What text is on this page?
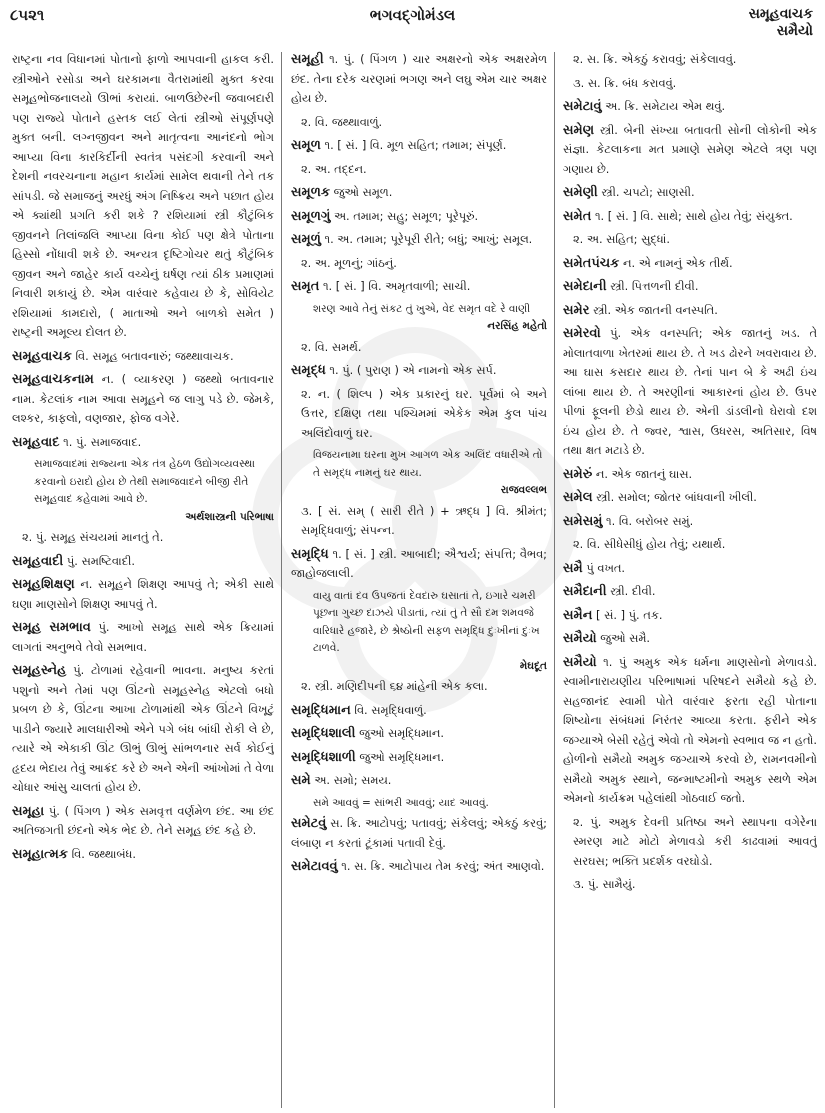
૮૫૨૧	ભગવદ્ગોમંડલ	સમૂહવાચક
સમૈયો
રાષ્ટ્રના નવ વિધાનમાં પોતાનો ફાળો આપવાની હાકલ કરી. સ્ત્રીઓને રસોડા અને ઘરકામના વૈતરામાંથી મુક્ત કરવા સમૂહભોજનાલયો ઊભાં કરાયાં. બાળઉછેરની જવાબદારી પણ રાજ્યે પોતાને હસ્તક લઈ લેતાં સ્ત્રીઓ સંપૂર્ણપણે મુક્ત બની. લગ્નજીવન અને માતૃત્વના આનંદનો ભોગ આપ્યા વિના કારકિર્દીની સ્વતંત્ર પસંદગી કરવાની અને દેશની નવરચનાના મહાન કાર્યમાં સામેલ થવાની તેને તક સાંપડી. જે સમાજનું અરધું અંગ નિષ્ક્રિય અને પછાત હોય એ ક્યાંથી પ્રગતિ કરી શકે ? રશિયામાં સ્ત્રી કૌટુંબિક જીવનને તિલાંજલિ આપ્યા વિના કોઈ પણ ક્ષેત્રે પોતાના હિસ્સો નોંધાવી શકે છે. અન્યત્ર દૃષ્ટિગોચર થતું કૌટુંબિક જીવન અને જાહેર કાર્ય વચ્ચેનું ઘર્ષણ ત્યાં ઠીક પ્રમાણમાં નિવારી શકાયું છે. એમ વારંવાર કહેવાય છે કે, સોવિયેટ રશિયામાં કામદારો, ( માતાઓ અને બાળકો સમેત ) રાષ્ટ્રની અમૂલ્ય દોલત છે.
સમૂહવાચક વિ. સમૂહ બતાવનારું; જથ્થાવાચક.
સમૂહવાચકનામ ન. ( વ્યાકરણ ) જથ્થો બતાવનાર નામ. કેટલાંક નામ આવા સમૂહને જ લાગુ પડે છે. જેમકે, લશ્કર, કાફલો, વણજાર, ફોજ વગેરે.
સમૂહવાદ ૧. પું. સમાજવાદ.
સમાજવાદમાં રાજ્યના એક તંત્ર હેઠળ ઉદ્યોગવ્યવસ્થા કરવાનો ઇરાદો હોય છે તેથી સમાજવાદને બીજી રીતે સમૂહવાદ કહેવામાં આવે છે.
અર્થશાસ્ત્રની પરિભાષા
૨. પું. સમૂહ સંચયમાં માનતું તે.
સમૂહવાદી પું. સમષ્ટિવાદી.
સમૂહશિક્ષણ ન. સમૂહને શિક્ષણ આપવું તે; એકી સાથે ઘણા માણસોને શિક્ષણ આપવું તે.
સમૂહ સમભાવ પું. આખો સમૂહ સાથે એક ક્રિયામાં લાગતાં અનુભવે તેવો સમભાવ.
સમૂહસ્નેહ પું. ટોળામાં રહેવાની ભાવના. મનુષ્ય કરતાં પશુનો અને તેમાં પણ ઊંટનો સમૂહસ્નેહ એટલો બધો પ્રબળ છે કે, ઊંટના આખા ટોળામાંથી એક ઊંટને વિખૂટું પાડીને જ્યારે માલધારીઓ એને પગે બંધ બાંધી રોકી લે છે, ત્યારે એ એકાકી ઊંટ ઊભું ઊભું સાંભળનાર સર્વ કોઈનું હૃદય ભેદાય તેવું આક્રંદ કરે છે અને એની આંખોમાં તે વેળા ચોધાર આંસુ ચાલતાં હોય છે.
સમૂહા પું. ( પિંગળ ) એક સમવૃત્ત વર્ણમેળ છંદ. આ છંદ અતિજગતી છંદનો એક ભેદ છે. તેને સમૂહ છંદ કહે છે.
સમૂહાત્મક વિ. જથ્થાબંધ.
સમૂહી ૧. પું. ( પિંગળ ) ચાર અક્ષરનો એક અક્ષરમેળ છંદ. તેના દરેક ચરણમાં ભગણ અને લઘુ એમ ચાર અક્ષર હોય છે.
૨. વિ. જથ્થાવાળું.
સમૂળ ૧. [ સં. ] વિ. મૂળ સહિત; તમામ; સંપૂર્ણ.
૨. અ. તદ્દન.
સમૂળક જુઓ સમૂળ.
સમૂળગું અ. તમામ; સહુ; સમૂળ; પૂરેપૂરું.
સમૂળું ૧. અ. તમામ; પૂરેપૂરી રીતે; બધું; આખું; સમૂલ.
૨. અ. મૂળનું; ગાંઠનું.
સમૃત ૧. [ સં. ] વિ. અમૃતવાળી; સાચી.
શરણ આવે તેનું સંકટ તું ખુએ, વેદ સમૃત વદે રે વાણી
નરસિંહ મહેતો
૨. વિ. સમર્થ.
સમૃદ્ધ ૧. પું. ( પુરાણ ) એ નામનો એક સર્પ.
૨. ન. ( શિલ્પ ) એક પ્રકારનું ઘર. પૂર્વમાં બે અને ઉત્તર, દક્ષિણ તથા પશ્ચિમમાં એકેક એમ કુલ પાંચ અલિંદોવાળું ઘર.
વિજયનામા ઘરના મુખ આગળ એક અલિંદ વધારીએ તો તે સમૃદ્ધ નામનું ઘર થાય.
રાજવલ્લભ
૩. [ સં. સમ્ ( સારી રીતે ) + ઋદ્ધ ] વિ. શ્રીમંત; સમૃદ્ધિવાળું; સંપન્ન.
સમૃદ્ધિ ૧. [ સં. ] સ્ત્રી. આબાદી; ઐશ્વર્ય; સંપત્તિ; વૈભવ; જાહોજલાલી.
વાયુ વાતાં દવ ઉપજતાં દેવદારુ ઘસાતાં તે, ઇગારે ચમરી પૂછના ગુચ્છ દાઝયે પીડાતાં, ત્યાં તું તે સૌ દમ શમવજે વારિધારે હજારે, છે શ્રેષ્ઠોની સફળ સમૃદ્ધિ દુઃખીનાં દુઃખ ટાળવે.
મેઘદૂત
૨. સ્ત્રી. મણિદીપની ૬૪ માંહેની એક કલા.
સમૃદ્ધિમાન વિ. સમૃદ્ધિવાળું.
સમૃદ્ધિશાલી જુઓ સમૃદ્ધિમાન.
સમૃદ્ધિશાળી જુઓ સમૃદ્ધિમાન.
સમે અ. સમો; સમય.
સમે આવવું = સાંભરી આવવું; યાદ આવવું.
સમેટવું સ. ક્રિ. આટોપવું; પતાવવું; સંકેલવું; એકઠું કરવું; લંબાણ ન કરતાં ટૂંકામાં પતાવી દેવું.
સમેટાવવું ૧. સ. ક્રિ. આટોપાય તેમ કરવું; અંત આણવો.
૨. સ. ક્રિ. એકઠું કરાવવું; સંકેલાવવું.
૩. સ. ક્રિ. બંધ કરાવવું.
સમેટાવું અ. ક્રિ. સમેટાય એમ થવું.
સમેણ સ્ત્રી. બેની સંખ્યા બતાવતી સોની લોકોની એક સંજ્ઞા. કેટલાકના મત પ્રમાણે સમેણ એટલે ત્રણ પણ ગણાય છે.
સમેણી સ્ત્રી. ચપટો; સાણસી.
સમેત ૧. [ સં. ] વિ. સાથે; સાથે હોય તેવું; સંયુક્ત.
૨. અ. સહિત; સુદ્ધાં.
સમેતપંચક ન. એ નામનું એક તીર્થ.
સમેદાની સ્ત્રી. પિત્તળની દીવી.
સમેર સ્ત્રી. એક જાતની વનસ્પતિ.
સમેરવો પું. એક વનસ્પતિ; એક જાતનું ખડ. તે મોલાતવાળા ખેતરમાં થાય છે. તે ખડ ઢોરને ખવરાવાય છે. આ ઘાસ કસદાર થાય છે. તેનાં પાન બે કે અઢી ઇંચ લાંબા થાય છે. તે અરણીનાં આકારનાં હોય છે. ઉપર પીળાં ફૂલની છેડો થાય છે. એની ડાંડલીનો ઘેરાવો દશ ઇંચ હોય છે. તે જ્વર, શ્વાસ, ઉધરસ, અતિસાર, વિષ તથા ક્ષત મટાડે છે.
સમેરું ન. એક જાતનું ઘાસ.
સમેલ સ્ત્રી. સમોલ; જોતર બાંધવાની ખીલી.
સમેસમું ૧. વિ. બરોબર સમું.
૨. વિ. સીધેસીધું હોય તેવું; યથાર્થ.
સમૈ પું વખત.
સમૈદાની સ્ત્રી. દીવી.
સમૈન [ સં. ] પું. તક.
સમૈયો જુઓ સમૈ.
સમૈયો ૧. પું અમુક એક ધર્મના માણસોનો મેળાવડો. સ્વામીનારાયણીય પરિભાષામાં પરિષદને સમૈયો કહે છે. સહજાનંદ સ્વામી પોતે વારંવાર ફરતા રહી પોતાના શિષ્યોના સંબંધમાં નિરંતર આવ્યા કરતા. ફરીને એક જગ્યાએ બેસી રહેતું એવો તો એમનો સ્વભાવ જ ન હતો. હોળીનો સમૈયો અમુક જગ્યાએ કરવો છે, રામનવમીનો સમૈયો અમુક સ્થાને, જન્માષ્ટમીનો અમુક સ્થળે એમ એમનો કાર્યક્રમ પહેલાંથી ગોઠવાઈ જતો.
૨. પું. અમુક દેવની પ્રતિષ્ઠા અને સ્થાપના વગેરેના સ્મરણ માટે મોટો મેળાવડો કરી કાઢવામાં આવતું સરઘસ; ભક્તિ પ્રદર્શક વરઘોડો.
૩. પું. સામૈયું.
